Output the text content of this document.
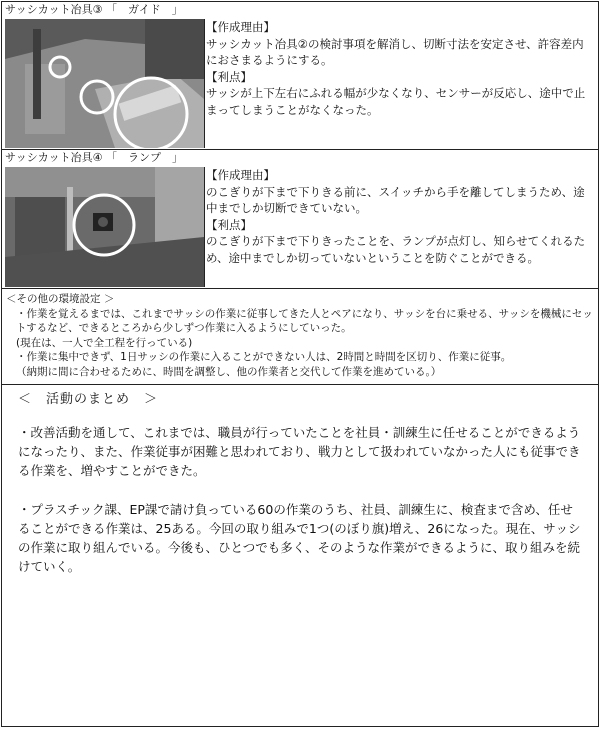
サッシカット冶具③ 「　ガイド　」

【作成理由】

サッシカット冶具②の検討事項を解消し、切断寸法を安定させ、許容差内におさまるようにする。

【利点】

サッシが上下左右にふれる幅が少なくなり、センサーが反応し、途中で止まってしまうことがなくなった。

サッシカット冶具④ 「　ランプ　」

【作成理由】

のこぎりが下まで下りきる前に、スイッチから手を離してしまうため、途中までしか切断できていない。

【利点】

のこぎりが下まで下りきったことを、ランプが点灯し、知らせてくれるため、途中までしか切っていないということを防ぐことができる。

＜その他の環境設定 ＞

・作業を覚えるまでは、これまでサッシの作業に従事してきた人とペアになり、サッシを台に乗せる、サッシを機械にセットするなど、できるところから少しずつ作業に入るようにしていった。

(現在は、一人で全工程を行っている)

・作業に集中できず、1日サッシの作業に入ることができない人は、2時間と時間を区切り、作業に従事。

（納期に間に合わせるために、時間を調整し、他の作業者と交代して作業を進めている。）

＜　活動のまとめ　＞

・改善活動を通して、これまでは、職員が行っていたことを社員・訓練生に任せることができるようになったり、また、作業従事が困難と思われており、戦力として扱われていなかった人にも従事できる作業を、増やすことができた。

・プラスチック課、EP課で請け負っている60の作業のうち、社員、訓練生に、検査まで含め、任せることができる作業は、25ある。今回の取り組みで1つ(のぼり旗)増え、26になった。現在、サッシの作業に取り組んでいる。今後も、ひとつでも多く、そのような作業ができるように、取り組みを続けていく。
